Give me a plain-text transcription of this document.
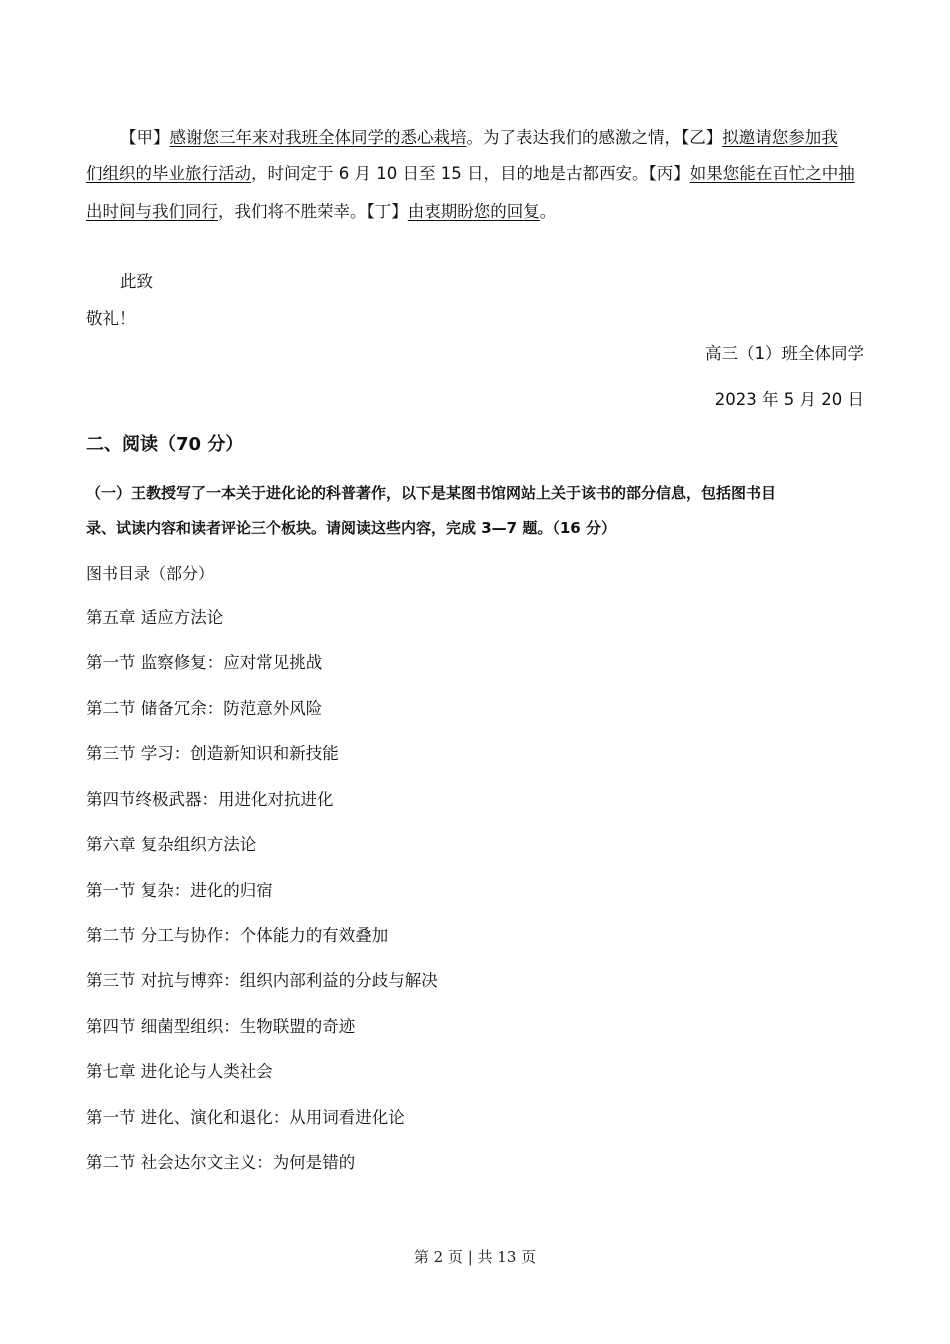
【甲】感谢您三年来对我班全体同学的悉心栽培。为了表达我们的感激之情，【乙】拟邀请您参加我
们组织的毕业旅行活动，时间定于 6 月 10 日至 15 日，目的地是古都西安。【丙】如果您能在百忙之中抽
出时间与我们同行，我们将不胜荣幸。【丁】由衷期盼您的回复。
此致
敬礼！
高三（1）班全体同学
2023 年 5 月 20 日
二、阅读（70 分）
（一）王教授写了一本关于进化论的科普著作，以下是某图书馆网站上关于该书的部分信息，包括图书目
录、试读内容和读者评论三个板块。请阅读这些内容，完成 3—7 题。（16 分）
图书目录（部分）
第五章 适应方法论
第一节 监察修复：应对常见挑战
第二节 储备冗余：防范意外风险
第三节 学习：创造新知识和新技能
第四节终极武器：用进化对抗进化
第六章 复杂组织方法论
第一节 复杂：进化的归宿
第二节 分工与协作：个体能力的有效叠加
第三节 对抗与博弈：组织内部利益的分歧与解决
第四节 细菌型组织：生物联盟的奇迹
第七章 进化论与人类社会
第一节 进化、演化和退化：从用词看进化论
第二节 社会达尔文主义：为何是错的
第 2 页 | 共 13 页
